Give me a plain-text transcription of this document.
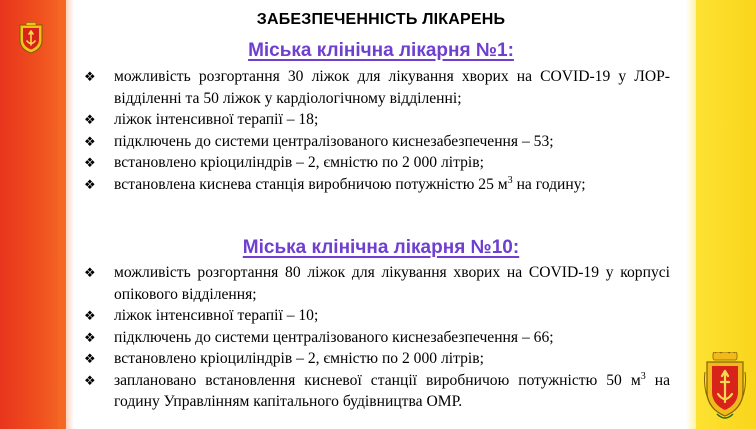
ЗАБЕЗПЕЧЕННІСТЬ ЛІКАРЕНЬ
Міська клінічна лікарня №1:
❖ можливість розгортання 30 ліжок для лікування хворих на COVID-19 у ЛОР-відділенні та 50 ліжок у кардіологічному відділенні;
❖ ліжок інтенсивної терапії – 18;
❖ підключень до системи централізованого киснезабезпечення – 53;
❖ встановлено кріоциліндрів – 2, ємністю по 2 000 літрів;
❖ встановлена киснева станція виробничою потужністю 25 $м^3$ на годину;
Міська клінічна лікарня №10:
❖ можливість розгортання 80 ліжок для лікування хворих на COVID-19 у корпусі опікового відділення;
❖ ліжок інтенсивної терапії – 10;
❖ підключень до системи централізованого киснезабезпечення – 66;
❖ встановлено кріоциліндрів – 2, ємністю по 2 000 літрів;
❖ заплановано встановлення кисневої станції виробничою потужністю 50 $м^3$ на годину Управлінням капітального будівництва ОМР.
